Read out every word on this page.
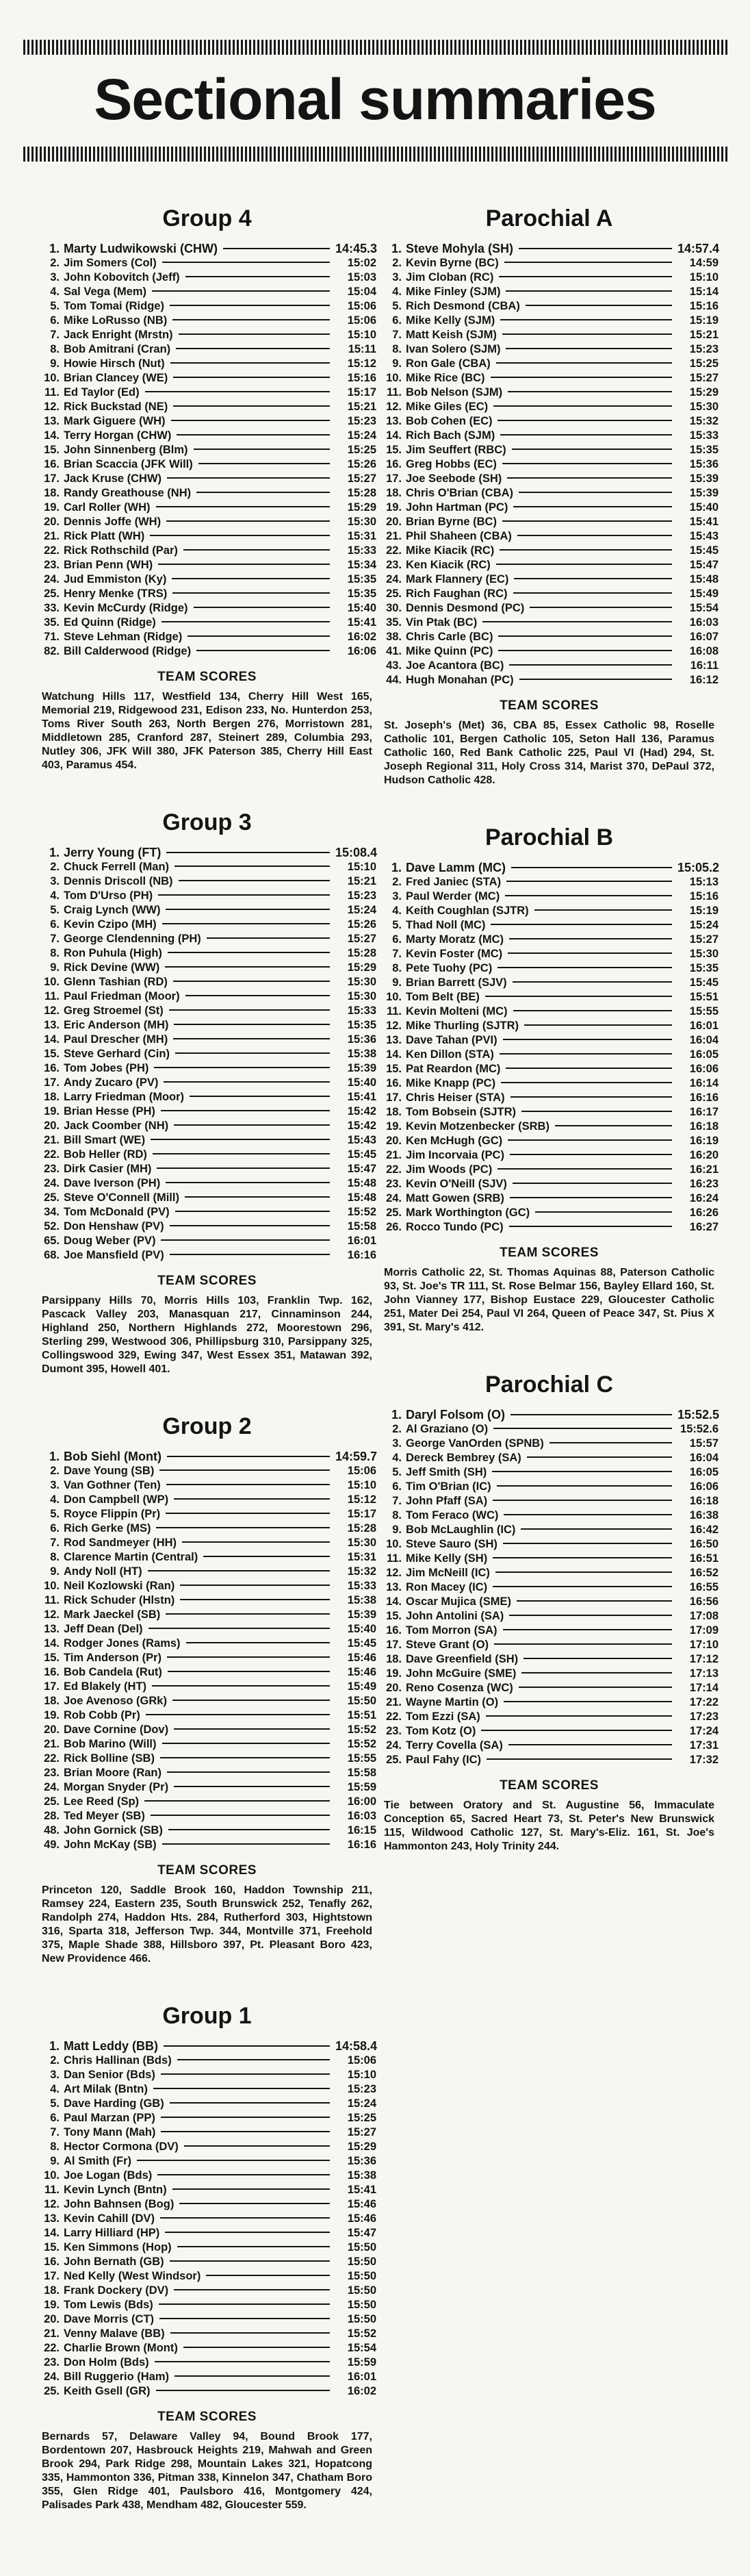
Sectional summaries
Group 4
1. Marty Ludwikowski (CHW)	14:45.3
2. Jim Somers (Col)	15:02
3. John Kobovitch (Jeff)	15:03
4. Sal Vega (Mem)	15:04
5. Tom Tomai (Ridge)	15:06
6. Mike LoRusso (NB)	15:06
7. Jack Enright (Mrstn)	15:10
8. Bob Amitrani (Cran)	15:11
9. Howie Hirsch (Nut)	15:12
10. Brian Clancey (WE)	15:16
11. Ed Taylor (Ed)	15:17
12. Rick Buckstad (NE)	15:21
13. Mark Giguere (WH)	15:23
14. Terry Horgan (CHW)	15:24
15. John Sinnenberg (Blm)	15:25
16. Brian Scaccia (JFK Will)	15:26
17. Jack Kruse (CHW)	15:27
18. Randy Greathouse (NH)	15:28
19. Carl Roller (WH)	15:29
20. Dennis Joffe (WH)	15:30
21. Rick Platt (WH)	15:31
22. Rick Rothschild (Par)	15:33
23. Brian Penn (WH)	15:34
24. Jud Emmiston (Ky)	15:35
25. Henry Menke (TRS)	15:35
33. Kevin McCurdy (Ridge)	15:40
35. Ed Quinn (Ridge)	15:41
71. Steve Lehman (Ridge)	16:02
82. Bill Calderwood (Ridge)	16:06
TEAM SCORES

Watchung Hills 117, Westfield 134, Cherry Hill West 165, Memorial 219, Ridgewood 231, Edison 233, No. Hunterdon 253, Toms River South 263, North Bergen 276, Morristown 281, Middletown 285, Cranford 287, Steinert 289, Columbia 293, Nutley 306, JFK Will 380, JFK Paterson 385, Cherry Hill East 403, Paramus 454.

Group 3
1. Jerry Young (FT)	15:08.4
2. Chuck Ferrell (Man)	15:10
3. Dennis Driscoll (NB)	15:21
4. Tom D'Urso (PH)	15:23
5. Craig Lynch (WW)	15:24
6. Kevin Czipo (MH)	15:26
7. George Clendenning (PH)	15:27
8. Ron Puhula (High)	15:28
9. Rick Devine (WW)	15:29
10. Glenn Tashian (RD)	15:30
11. Paul Friedman (Moor)	15:30
12. Greg Stroemel (St)	15:33
13. Eric Anderson (MH)	15:35
14. Paul Drescher (MH)	15:36
15. Steve Gerhard (Cin)	15:38
16. Tom Jobes (PH)	15:39
17. Andy Zucaro (PV)	15:40
18. Larry Friedman (Moor)	15:41
19. Brian Hesse (PH)	15:42
20. Jack Coomber (NH)	15:42
21. Bill Smart (WE)	15:43
22. Bob Heller (RD)	15:45
23. Dirk Casier (MH)	15:47
24. Dave Iverson (PH)	15:48
25. Steve O'Connell (Mill)	15:48
34. Tom McDonald (PV)	15:52
52. Don Henshaw (PV)	15:58
65. Doug Weber (PV)	16:01
68. Joe Mansfield (PV)	16:16
TEAM SCORES

Parsippany Hills 70, Morris Hills 103, Franklin Twp. 162, Pascack Valley 203, Manasquan 217, Cinnaminson 244, Highland 250, Northern Highlands 272, Moorestown 296, Sterling 299, Westwood 306, Phillipsburg 310, Parsippany 325, Collingswood 329, Ewing 347, West Essex 351, Matawan 392, Dumont 395, Howell 401.

Group 2
1. Bob Siehl (Mont)	14:59.7
2. Dave Young (SB)	15:06
3. Van Gothner (Ten)	15:10
4. Don Campbell (WP)	15:12
5. Royce Flippin (Pr)	15:17
6. Rich Gerke (MS)	15:28
7. Rod Sandmeyer (HH)	15:30
8. Clarence Martin (Central)	15:31
9. Andy Noll (HT)	15:32
10. Neil Kozlowski (Ran)	15:33
11. Rick Schuder (Hlstn)	15:38
12. Mark Jaeckel (SB)	15:39
13. Jeff Dean (Del)	15:40
14. Rodger Jones (Rams)	15:45
15. Tim Anderson (Pr)	15:46
16. Bob Candela (Rut)	15:46
17. Ed Blakely (HT)	15:49
18. Joe Avenoso (GRk)	15:50
19. Rob Cobb (Pr)	15:51
20. Dave Cornine (Dov)	15:52
21. Bob Marino (Will)	15:52
22. Rick Bolline (SB)	15:55
23. Brian Moore (Ran)	15:58
24. Morgan Snyder (Pr)	15:59
25. Lee Reed (Sp)	16:00
28. Ted Meyer (SB)	16:03
48. John Gornick (SB)	16:15
49. John McKay (SB)	16:16
TEAM SCORES

Princeton 120, Saddle Brook 160, Haddon Township 211, Ramsey 224, Eastern 235, South Brunswick 252, Tenafly 262, Randolph 274, Haddon Hts. 284, Rutherford 303, Hightstown 316, Sparta 318, Jefferson Twp. 344, Montville 371, Freehold 375, Maple Shade 388, Hillsboro 397, Pt. Pleasant Boro 423, New Providence 466.

Group 1
1. Matt Leddy (BB)	14:58.4
2. Chris Hallinan (Bds)	15:06
3. Dan Senior (Bds)	15:10
4. Art Milak (Bntn)	15:23
5. Dave Harding (GB)	15:24
6. Paul Marzan (PP)	15:25
7. Tony Mann (Mah)	15:27
8. Hector Cormona (DV)	15:29
9. Al Smith (Fr)	15:36
10. Joe Logan (Bds)	15:38
11. Kevin Lynch (Bntn)	15:41
12. John Bahnsen (Bog)	15:46
13. Kevin Cahill (DV)	15:46
14. Larry Hilliard (HP)	15:47
15. Ken Simmons (Hop)	15:50
16. John Bernath (GB)	15:50
17. Ned Kelly (West Windsor)	15:50
18. Frank Dockery (DV)	15:50
19. Tom Lewis (Bds)	15:50
20. Dave Morris (CT)	15:50
21. Venny Malave (BB)	15:52
22. Charlie Brown (Mont)	15:54
23. Don Holm (Bds)	15:59
24. Bill Ruggerio (Ham)	16:01
25. Keith Gsell (GR)	16:02
TEAM SCORES

Bernards 57, Delaware Valley 94, Bound Brook 177, Bordentown 207, Hasbrouck Heights 219, Mahwah and Green Brook 294, Park Ridge 298, Mountain Lakes 321, Hopatcong 335, Hammonton 336, Pitman 338, Kinnelon 347, Chatham Boro 355, Glen Ridge 401, Paulsboro 416, Montgomery 424, Palisades Park 438, Mendham 482, Gloucester 559.

Parochial A
1. Steve Mohyla (SH)	14:57.4
2. Kevin Byrne (BC)	14:59
3. Jim Cloban (RC)	15:10
4. Mike Finley (SJM)	15:14
5. Rich Desmond (CBA)	15:16
6. Mike Kelly (SJM)	15:19
7. Matt Keish (SJM)	15:21
8. Ivan Solero (SJM)	15:23
9. Ron Gale (CBA)	15:25
10. Mike Rice (BC)	15:27
11. Bob Nelson (SJM)	15:29
12. Mike Giles (EC)	15:30
13. Bob Cohen (EC)	15:32
14. Rich Bach (SJM)	15:33
15. Jim Seuffert (RBC)	15:35
16. Greg Hobbs (EC)	15:36
17. Joe Seebode (SH)	15:39
18. Chris O'Brian (CBA)	15:39
19. John Hartman (PC)	15:40
20. Brian Byrne (BC)	15:41
21. Phil Shaheen (CBA)	15:43
22. Mike Kiacik (RC)	15:45
23. Ken Kiacik (RC)	15:47
24. Mark Flannery (EC)	15:48
25. Rich Faughan (RC)	15:49
30. Dennis Desmond (PC)	15:54
35. Vin Ptak (BC)	16:03
38. Chris Carle (BC)	16:07
41. Mike Quinn (PC)	16:08
43. Joe Acantora (BC)	16:11
44. Hugh Monahan (PC)	16:12
TEAM SCORES

St. Joseph's (Met) 36, CBA 85, Essex Catholic 98, Roselle Catholic 101, Bergen Catholic 105, Seton Hall 136, Paramus Catholic 160, Red Bank Catholic 225, Paul VI (Had) 294, St. Joseph Regional 311, Holy Cross 314, Marist 370, DePaul 372, Hudson Catholic 428.

Parochial B
1. Dave Lamm (MC)	15:05.2
2. Fred Janiec (STA)	15:13
3. Paul Werder (MC)	15:16
4. Keith Coughlan (SJTR)	15:19
5. Thad Noll (MC)	15:24
6. Marty Moratz (MC)	15:27
7. Kevin Foster (MC)	15:30
8. Pete Tuohy (PC)	15:35
9. Brian Barrett (SJV)	15:45
10. Tom Belt (BE)	15:51
11. Kevin Molteni (MC)	15:55
12. Mike Thurling (SJTR)	16:01
13. Dave Tahan (PVI)	16:04
14. Ken Dillon (STA)	16:05
15. Pat Reardon (MC)	16:06
16. Mike Knapp (PC)	16:14
17. Chris Heiser (STA)	16:16
18. Tom Bobsein (SJTR)	16:17
19. Kevin Motzenbecker (SRB)	16:18
20. Ken McHugh (GC)	16:19
21. Jim Incorvaia (PC)	16:20
22. Jim Woods (PC)	16:21
23. Kevin O'Neill (SJV)	16:23
24. Matt Gowen (SRB)	16:24
25. Mark Worthington (GC)	16:26
26. Rocco Tundo (PC)	16:27
TEAM SCORES

Morris Catholic 22, St. Thomas Aquinas 88, Paterson Catholic 93, St. Joe's TR 111, St. Rose Belmar 156, Bayley Ellard 160, St. John Vianney 177, Bishop Eustace 229, Gloucester Catholic 251, Mater Dei 254, Paul VI 264, Queen of Peace 347, St. Pius X 391, St. Mary's 412.

Parochial C
1. Daryl Folsom (O)	15:52.5
2. Al Graziano (O)	15:52.6
3. George VanOrden (SPNB)	15:57
4. Dereck Bembrey (SA)	16:04
5. Jeff Smith (SH)	16:05
6. Tim O'Brian (IC)	16:06
7. John Pfaff (SA)	16:18
8. Tom Feraco (WC)	16:38
9. Bob McLaughlin (IC)	16:42
10. Steve Sauro (SH)	16:50
11. Mike Kelly (SH)	16:51
12. Jim McNeill (IC)	16:52
13. Ron Macey (IC)	16:55
14. Oscar Mujica (SME)	16:56
15. John Antolini (SA)	17:08
16. Tom Morron (SA)	17:09
17. Steve Grant (O)	17:10
18. Dave Greenfield (SH)	17:12
19. John McGuire (SME)	17:13
20. Reno Cosenza (WC)	17:14
21. Wayne Martin (O)	17:22
22. Tom Ezzi (SA)	17:23
23. Tom Kotz (O)	17:24
24. Terry Covella (SA)	17:31
25. Paul Fahy (IC)	17:32
TEAM SCORES

Tie between Oratory and St. Augustine 56, Immaculate Conception 65, Sacred Heart 73, St. Peter's New Brunswick 115, Wildwood Catholic 127, St. Mary's-Eliz. 161, St. Joe's Hammonton 243, Holy Trinity 244.
